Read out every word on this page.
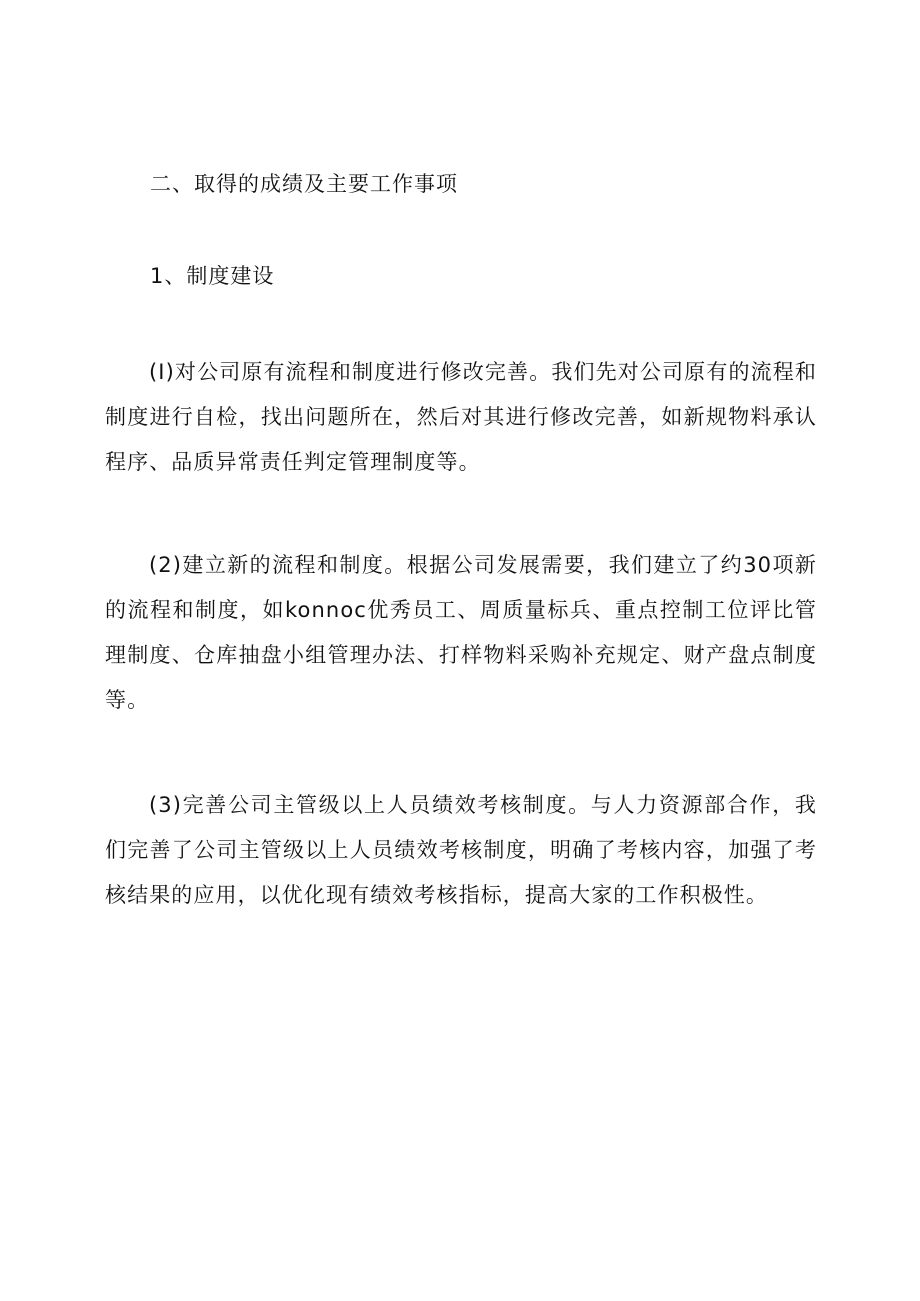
二、取得的成绩及主要工作事项
1、制度建设

(I)对公司原有流程和制度进行修改完善。我们先对公司原有的流程和制度进行自检，找出问题所在，然后对其进行修改完善，如新规物料承认程序、品质异常责任判定管理制度等。

(2)建立新的流程和制度。根据公司发展需要，我们建立了约30项新的流程和制度，如konnoc优秀员工、周质量标兵、重点控制工位评比管理制度、仓库抽盘小组管理办法、打样物料采购补充规定、财产盘点制度等。

(3)完善公司主管级以上人员绩效考核制度。与人力资源部合作，我们完善了公司主管级以上人员绩效考核制度，明确了考核内容，加强了考核结果的应用，以优化现有绩效考核指标，提高大家的工作积极性。
